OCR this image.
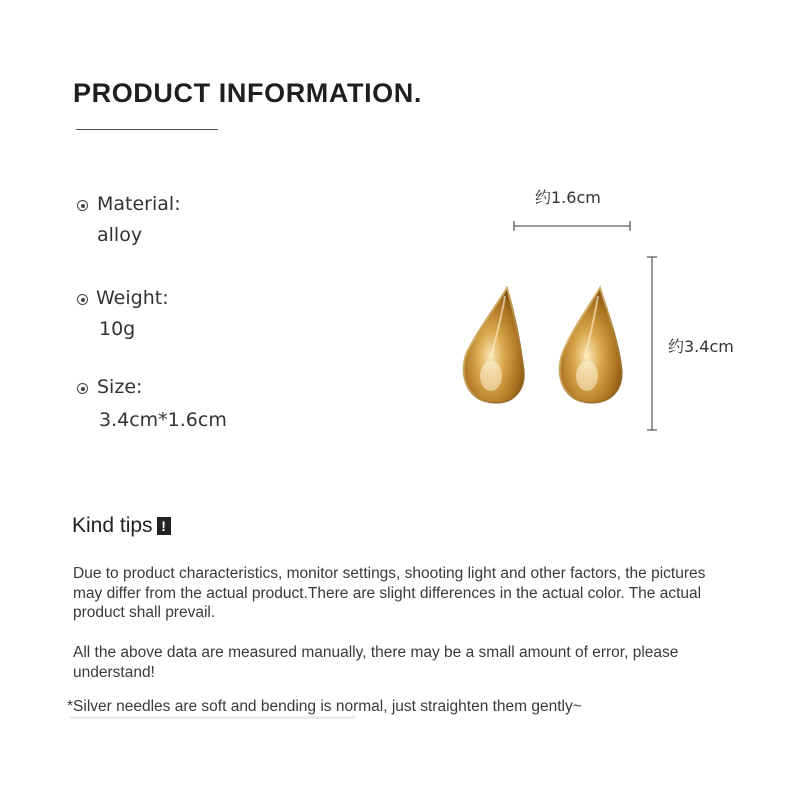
PRODUCT INFORMATION.
Material:
alloy
Weight:
10g
Size:
3.4cm*1.6cm
约1.6cm
约3.4cm
Kind tips !
Due to product characteristics, monitor settings, shooting light and other factors, the pictures may differ from the actual product.There are slight differences in the actual color. The actual product shall prevail.
All the above data are measured manually, there may be a small amount of error, please understand!
*Silver needles are soft and bending is normal, just straighten them gently~
